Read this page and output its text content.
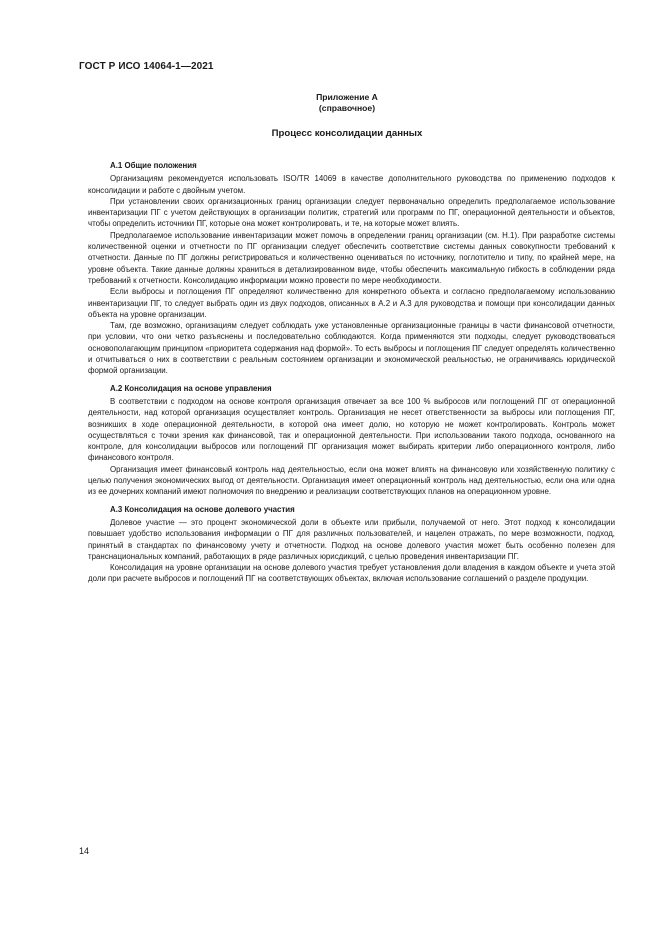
ГОСТ Р ИСО 14064-1—2021
Приложение А
(справочное)
Процесс консолидации данных
А.1 Общие положения

Организациям рекомендуется использовать ISO/TR 14069 в качестве дополнительного руководства по применению подходов к консолидации и работе с двойным учетом.

При установлении своих организационных границ организации следует первоначально определить предполагаемое использование инвентаризации ПГ с учетом действующих в организации политик, стратегий или программ по ПГ, операционной деятельности и объектов, чтобы определить источники ПГ, которые она может контролировать, и те, на которые может влиять.

Предполагаемое использование инвентаризации может помочь в определении границ организации (см. Н.1). При разработке системы количественной оценки и отчетности по ПГ организации следует обеспечить соответствие системы данных совокупности требований к отчетности. Данные по ПГ должны регистрироваться и количественно оцениваться по источнику, поглотителю и типу, по крайней мере, на уровне объекта. Такие данные должны храниться в детализированном виде, чтобы обеспечить максимальную гибкость в соблюдении ряда требований к отчетности. Консолидацию информации можно провести по мере необходимости.

Если выбросы и поглощения ПГ определяют количественно для конкретного объекта и согласно предполагаемому использованию инвентаризации ПГ, то следует выбрать один из двух подходов, описанных в А.2 и А.3 для руководства и помощи при консолидации данных объекта на уровне организации.

Там, где возможно, организациям следует соблюдать уже установленные организационные границы в части финансовой отчетности, при условии, что они четко разъяснены и последовательно соблюдаются. Когда применяются эти подходы, следует руководствоваться основополагающим принципом «приоритета содержания над формой». То есть выбросы и поглощения ПГ следует определять количественно и отчитываться о них в соответствии с реальным состоянием организации и экономической реальностью, не ограничиваясь юридической формой организации.

А.2 Консолидация на основе управления

В соответствии с подходом на основе контроля организация отвечает за все 100 % выбросов или поглощений ПГ от операционной деятельности, над которой организация осуществляет контроль. Организация не несет ответственности за выбросы или поглощения ПГ, возникших в ходе операционной деятельности, в которой она имеет долю, но которую не может контролировать. Контроль может осуществляться с точки зрения как финансовой, так и операционной деятельности. При использовании такого подхода, основанного на контроле, для консолидации выбросов или поглощений ПГ организация может выбирать критерии либо операционного контроля, либо финансового контроля.

Организация имеет финансовый контроль над деятельностью, если она может влиять на финансовую или хозяйственную политику с целью получения экономических выгод от деятельности. Организация имеет операционный контроль над деятельностью, если она или одна из ее дочерних компаний имеют полномочия по внедрению и реализации соответствующих планов на операционном уровне.

А.3 Консолидация на основе долевого участия

Долевое участие — это процент экономической доли в объекте или прибыли, получаемой от него. Этот подход к консолидации повышает удобство использования информации о ПГ для различных пользователей, и нацелен отражать, по мере возможности, подход, принятый в стандартах по финансовому учету и отчетности. Подход на основе долевого участия может быть особенно полезен для транснациональных компаний, работающих в ряде различных юрисдикций, с целью проведения инвентаризации ПГ.

Консолидация на уровне организации на основе долевого участия требует установления доли владения в каждом объекте и учета этой доли при расчете выбросов и поглощений ПГ на соответствующих объектах, включая использование соглашений о разделе продукции.

14
